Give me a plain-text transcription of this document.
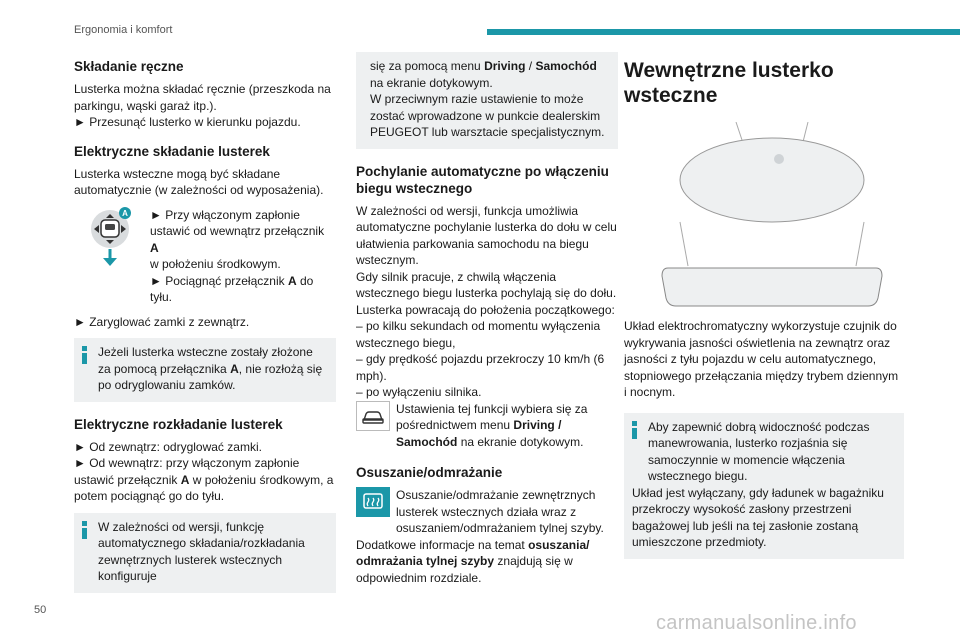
Ergonomia i komfort
Składanie ręczne

Lusterka można składać ręcznie (przeszkoda na parkingu, wąski garaż itp.).

► Przesunąć lusterko w kierunku pojazdu.

Elektryczne składanie lusterek

Lusterka wsteczne mogą być składane automatycznie (w zależności od wyposażenia).

A ► Przy włączonym zapłonie ustawić od wewnątrz przełącznik A
w położeniu środkowym.

► Pociągnąć przełącznik A do tyłu.

► Zaryglować zamki z zewnątrz.

Jeżeli lusterka wsteczne zostały złożone za pomocą przełącznika A, nie rozłożą się po odryglowaniu zamków.

Elektryczne rozkładanie lusterek

► Od zewnątrz: odryglować zamki.

► Od wewnątrz: przy włączonym zapłonie ustawić przełącznik A w położeniu środkowym, a potem pociągnąć go do tyłu.

W zależności od wersji, funkcję automatycznego składania/rozkładania zewnętrznych lusterek wstecznych konfiguruje

się za pomocą menu Driving / Samochód na ekranie dotykowym.

W przeciwnym razie ustawienie to może zostać wprowadzone w punkcie dealerskim PEUGEOT lub warsztacie specjalistycznym.

Pochylanie automatyczne po włączeniu biegu wstecznego

W zależności od wersji, funkcja umożliwia automatyczne pochylanie lusterka do dołu w celu ułatwienia parkowania samochodu na biegu wstecznym.

Gdy silnik pracuje, z chwilą włączenia wstecznego biegu lusterka pochylają się do dołu.

Lusterka powracają do położenia początkowego:

– po kilku sekundach od momentu wyłączenia wstecznego biegu,

– gdy prędkość pojazdu przekroczy 10 km/h (6 mph).

– po wyłączeniu silnika.

Ustawienia tej funkcji wybiera się za pośrednictwem menu Driving / Samochód na ekranie dotykowym.

Osuszanie/odmrażanie

Osuszanie/odmrażanie zewnętrznych lusterek wstecznych działa wraz z osuszaniem/odmrażaniem tylnej szyby.

Dodatkowe informacje na temat osuszania/ odmrażania tylnej szyby znajdują się w odpowiednim rozdziale.

Wewnętrzne lusterko wsteczne

Układ elektrochromatyczny wykorzystuje czujnik do wykrywania jasności oświetlenia na zewnątrz oraz jasności z tyłu pojazdu w celu automatycznego, stopniowego przełączania między trybem dziennym i nocnym.

Aby zapewnić dobrą widoczność podczas manewrowania, lusterko rozjaśnia się samoczynnie w momencie włączenia wstecznego biegu.

Układ jest wyłączany, gdy ładunek w bagażniku przekroczy wysokość zasłony przestrzeni bagażowej lub jeśli na tej zasłonie zostaną umieszczone przedmioty.

50
carmanualsonline.info
